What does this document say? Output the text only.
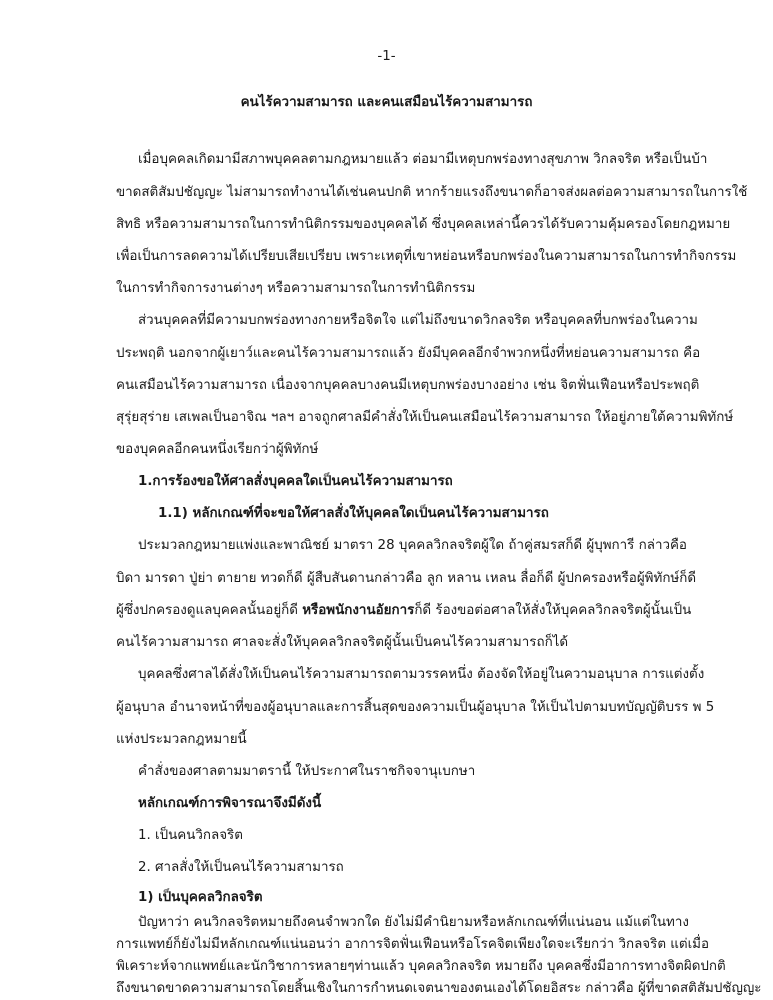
-1-
คนไร้ความสามารถ และคนเสมือนไร้ความสามารถ
เมื่อบุคคลเกิดมามีสภาพบุคคลตามกฎหมายแล้ว ต่อมามีเหตุบกพร่องทางสุขภาพ วิกลจริต หรือเป็นบ้า
ขาดสติสัมปชัญญะ ไม่สามารถทำงานได้เช่นคนปกติ หากร้ายแรงถึงขนาดก็อาจส่งผลต่อความสามารถในการใช้
สิทธิ หรือความสามารถในการทำนิติกรรมของบุคคลได้ ซึ่งบุคคลเหล่านี้ควรได้รับความคุ้มครองโดยกฎหมาย
เพื่อเป็นการลดความได้เปรียบเสียเปรียบ เพราะเหตุที่เขาหย่อนหรือบกพร่องในความสามารถในการทำกิจกรรม
ในการทำกิจการงานต่างๆ หรือความสามารถในการทำนิติกรรม
ส่วนบุคคลที่มีความบกพร่องทางกายหรือจิตใจ แต่ไม่ถึงขนาดวิกลจริต หรือบุคคลที่บกพร่องในความ
ประพฤติ นอกจากผู้เยาว์และคนไร้ความสามารถแล้ว ยังมีบุคคลอีกจำพวกหนึ่งที่หย่อนความสามารถ คือ
คนเสมือนไร้ความสามารถ เนื่องจากบุคคลบางคนมีเหตุบกพร่องบางอย่าง เช่น จิตฟั่นเฟือนหรือประพฤติ
สุรุ่ยสุร่าย เสเพลเป็นอาจิณ ฯลฯ อาจถูกศาลมีคำสั่งให้เป็นคนเสมือนไร้ความสามารถ ให้อยู่ภายใต้ความพิทักษ์
ของบุคคลอีกคนหนึ่งเรียกว่าผู้พิทักษ์
1.การร้องขอให้ศาลสั่งบุคคลใดเป็นคนไร้ความสามารถ
1.1) หลักเกณฑ์ที่จะขอให้ศาลสั่งให้บุคคลใดเป็นคนไร้ความสามารถ
ประมวลกฎหมายแพ่งและพาณิชย์ มาตรา 28 บุคคลวิกลจริตผู้ใด ถ้าคู่สมรสก็ดี ผู้บุพการี กล่าวคือ
บิดา มารดา ปู่ย่า ตายาย ทวดก็ดี ผู้สืบสันดานกล่าวคือ ลูก หลาน เหลน ลื่อก็ดี ผู้ปกครองหรือผู้พิทักษ์ก็ดี
ผู้ซึ่งปกครองดูแลบุคคลนั้นอยู่ก็ดี หรือพนักงานอัยการก็ดี ร้องขอต่อศาลให้สั่งให้บุคคลวิกลจริตผู้นั้นเป็น
คนไร้ความสามารถ ศาลจะสั่งให้บุคคลวิกลจริตผู้นั้นเป็นคนไร้ความสามารถก็ได้
บุคคลซึ่งศาลได้สั่งให้เป็นคนไร้ความสามารถตามวรรคหนึ่ง ต้องจัดให้อยู่ในความอนุบาล การแต่งตั้ง
ผู้อนุบาล อำนาจหน้าที่ของผู้อนุบาลและการสิ้นสุดของความเป็นผู้อนุบาล ให้เป็นไปตามบทบัญญัติบรร พ 5
แห่งประมวลกฎหมายนี้
คำสั่งของศาลตามมาตรานี้ ให้ประกาศในราชกิจจานุเบกษา
หลักเกณฑ์การพิจารณาจึงมีดังนี้
1. เป็นคนวิกลจริต
2. ศาลสั่งให้เป็นคนไร้ความสามารถ
1) เป็นบุคคลวิกลจริต
ปัญหาว่า คนวิกลจริตหมายถึงคนจำพวกใด ยังไม่มีคำนิยามหรือหลักเกณฑ์ที่แน่นอน แม้แต่ในทาง
การแพทย์ก็ยังไม่มีหลักเกณฑ์แน่นอนว่า อาการจิตฟั่นเฟือนหรือโรคจิตเพียงใดจะเรียกว่า วิกลจริต แต่เมื่อ
พิเคราะห์จากแพทย์และนักวิชาการหลายๆท่านแล้ว บุคคลวิกลจริต หมายถึง บุคคลซึ่งมีอาการทางจิตผิดปกติ
ถึงขนาดขาดความสามารถโดยสิ้นเชิงในการกำหนดเจตนาของตนเองได้โดยอิสระ กล่าวคือ ผู้ที่ขาดสติสัมปชัญญะ
